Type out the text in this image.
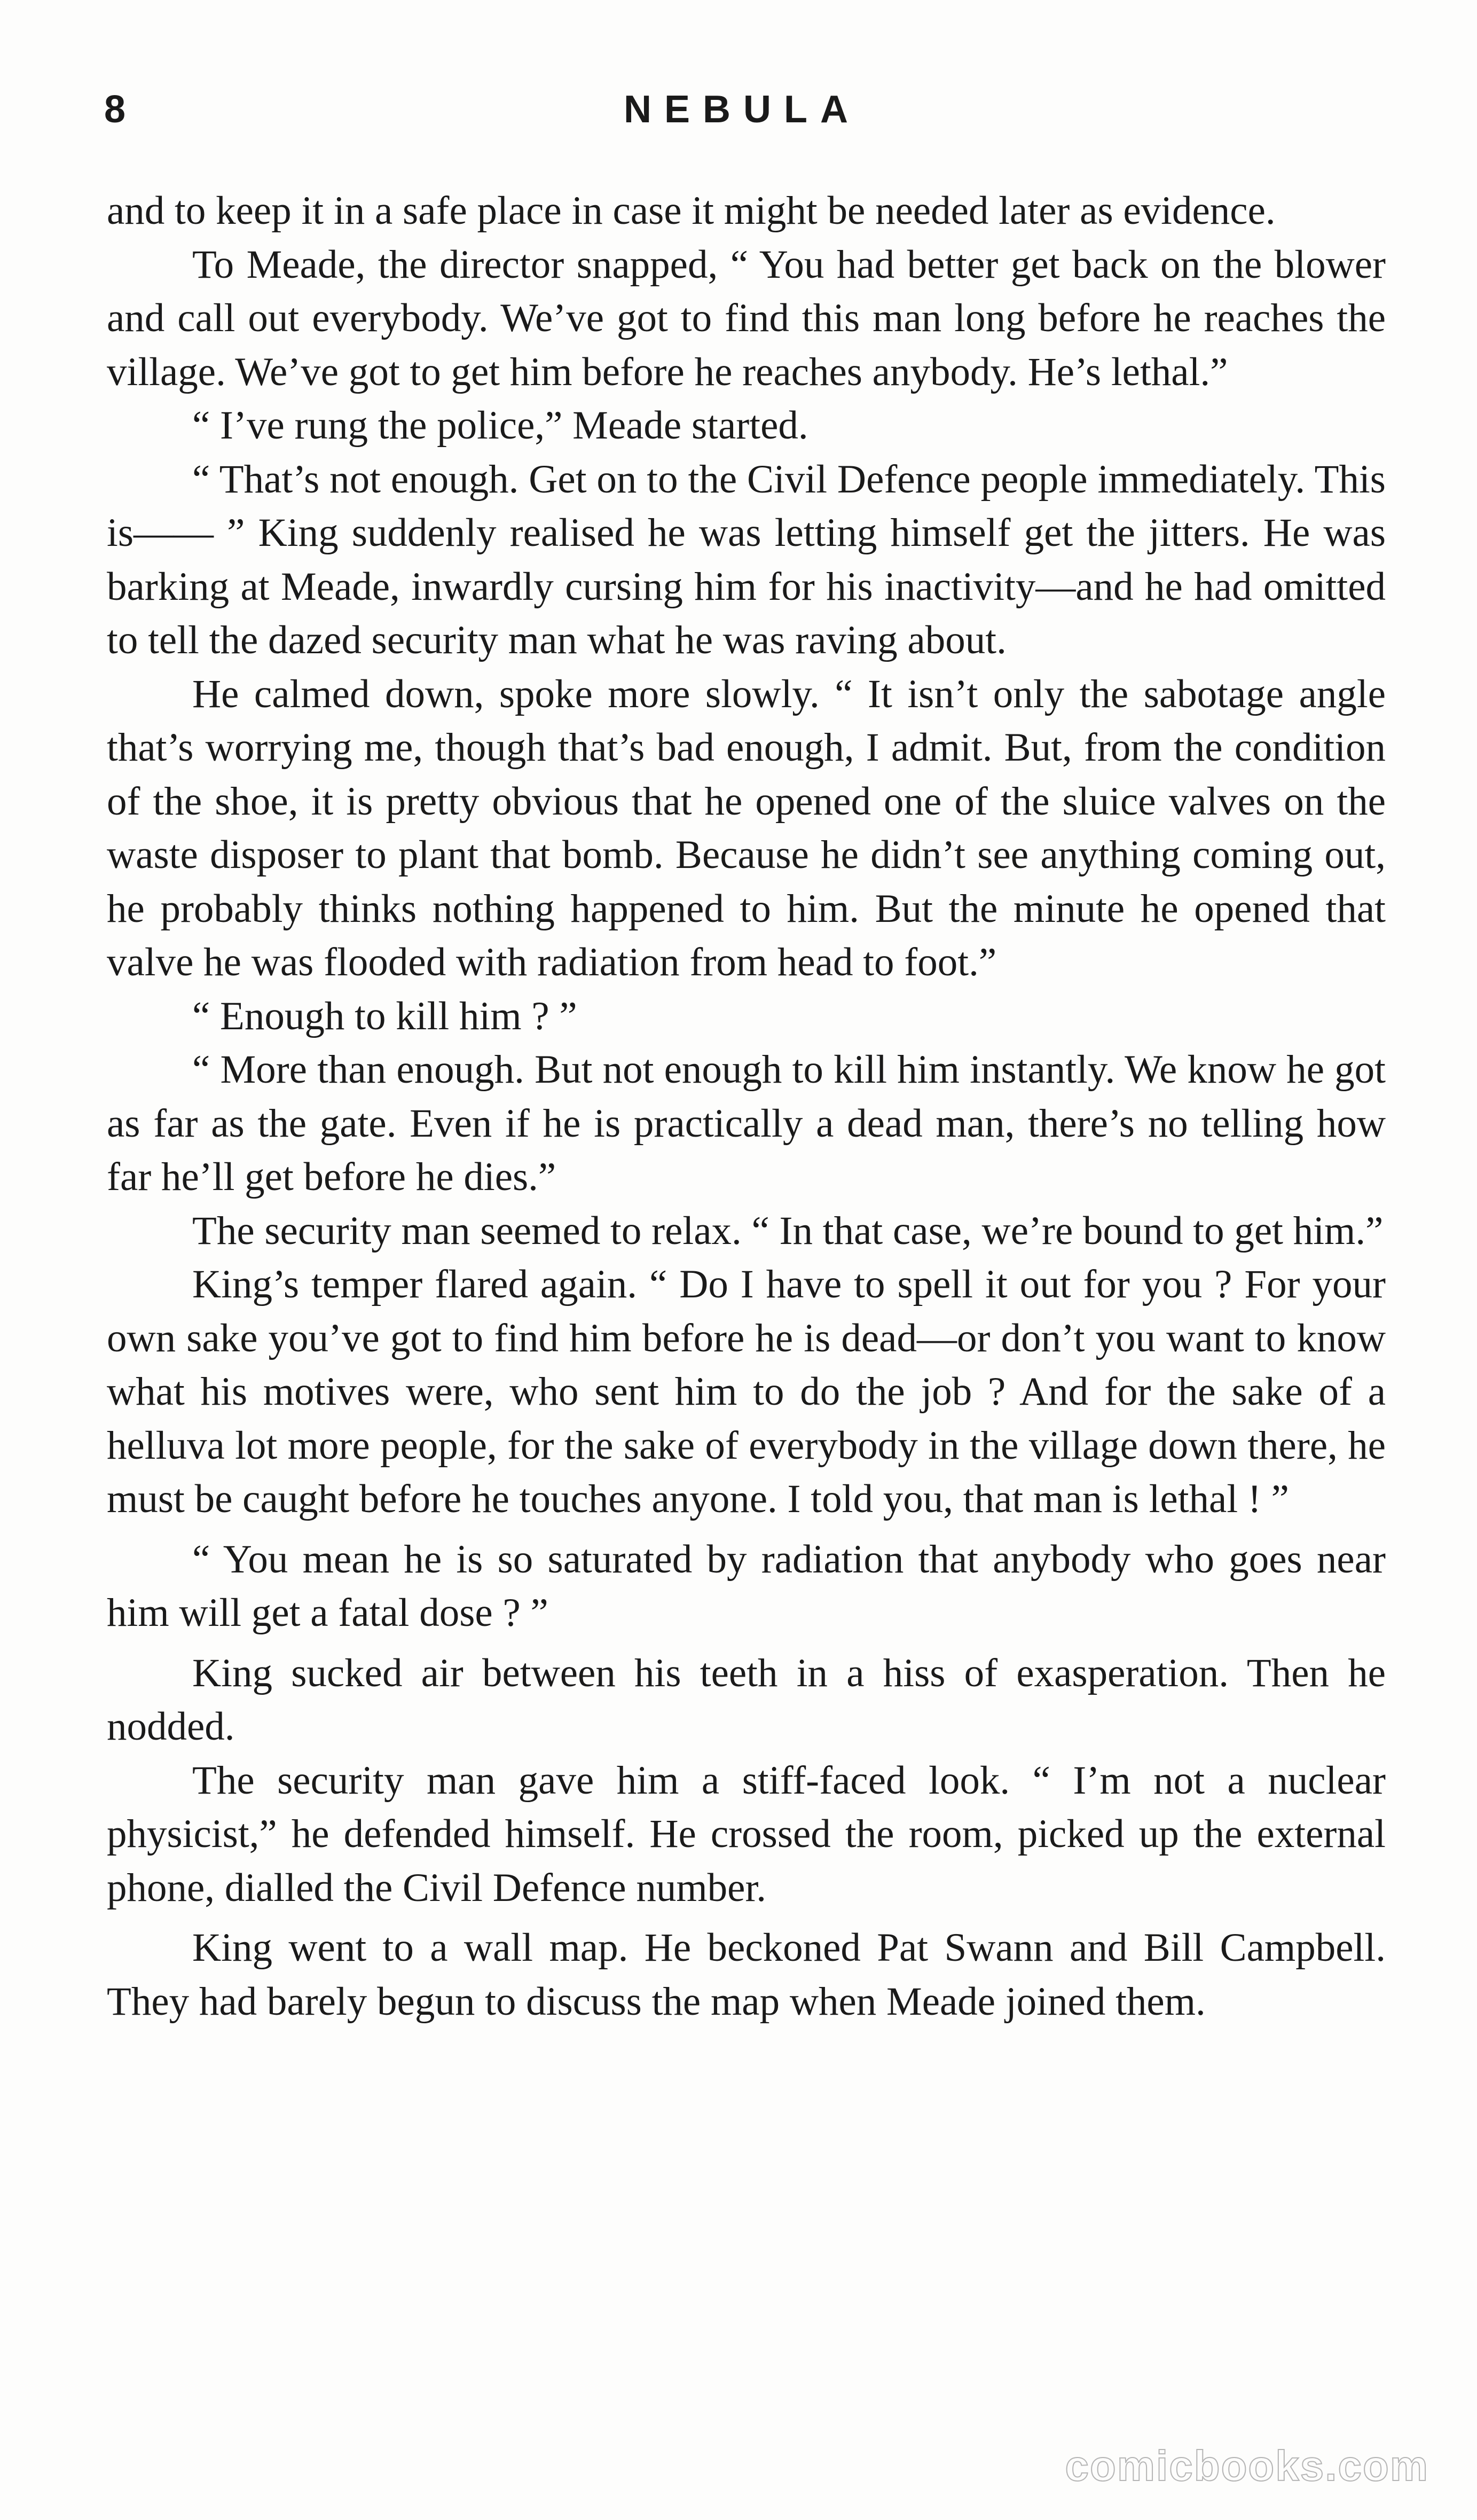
8	NEBULA

and to keep it in a safe place in case it might be needed later as evidence.

To Meade, the director snapped, “ You had better get back on the blower and call out everybody. We’ve got to find this man long before he reaches the village. We’ve got to get him before he reaches anybody. He’s lethal.”

“ I’ve rung the police,” Meade started.

“ That’s not enough. Get on to the Civil Defence people immediately. This is—— ” King suddenly realised he was letting himself get the jitters. He was barking at Meade, inwardly cursing him for his inactivity—and he had omitted to tell the dazed security man what he was raving about.

He calmed down, spoke more slowly. “ It isn’t only the sabotage angle that’s worrying me, though that’s bad enough, I admit. But, from the condition of the shoe, it is pretty obvious that he opened one of the sluice valves on the waste disposer to plant that bomb. Because he didn’t see anything coming out, he probably thinks nothing happened to him. But the minute he opened that valve he was flooded with radiation from head to foot.”

“ Enough to kill him ? ”

“ More than enough. But not enough to kill him instantly. We know he got as far as the gate. Even if he is practically a dead man, there’s no telling how far he’ll get before he dies.”

The security man seemed to relax. “ In that case, we’re bound to get him.”

King’s temper flared again. “ Do I have to spell it out for you ? For your own sake you’ve got to find him before he is dead—or don’t you want to know what his motives were, who sent him to do the job ? And for the sake of a helluva lot more people, for the sake of everybody in the village down there, he must be caught before he touches anyone. I told you, that man is lethal ! ”

“ You mean he is so saturated by radiation that anybody who goes near him will get a fatal dose ? ”

King sucked air between his teeth in a hiss of exasperation. Then he nodded.

The security man gave him a stiff-faced look. “ I’m not a nuclear physicist,” he defended himself. He crossed the room, picked up the external phone, dialled the Civil Defence number.

King went to a wall map. He beckoned Pat Swann and Bill Campbell. They had barely begun to discuss the map when Meade joined them.

comicbooks.com
